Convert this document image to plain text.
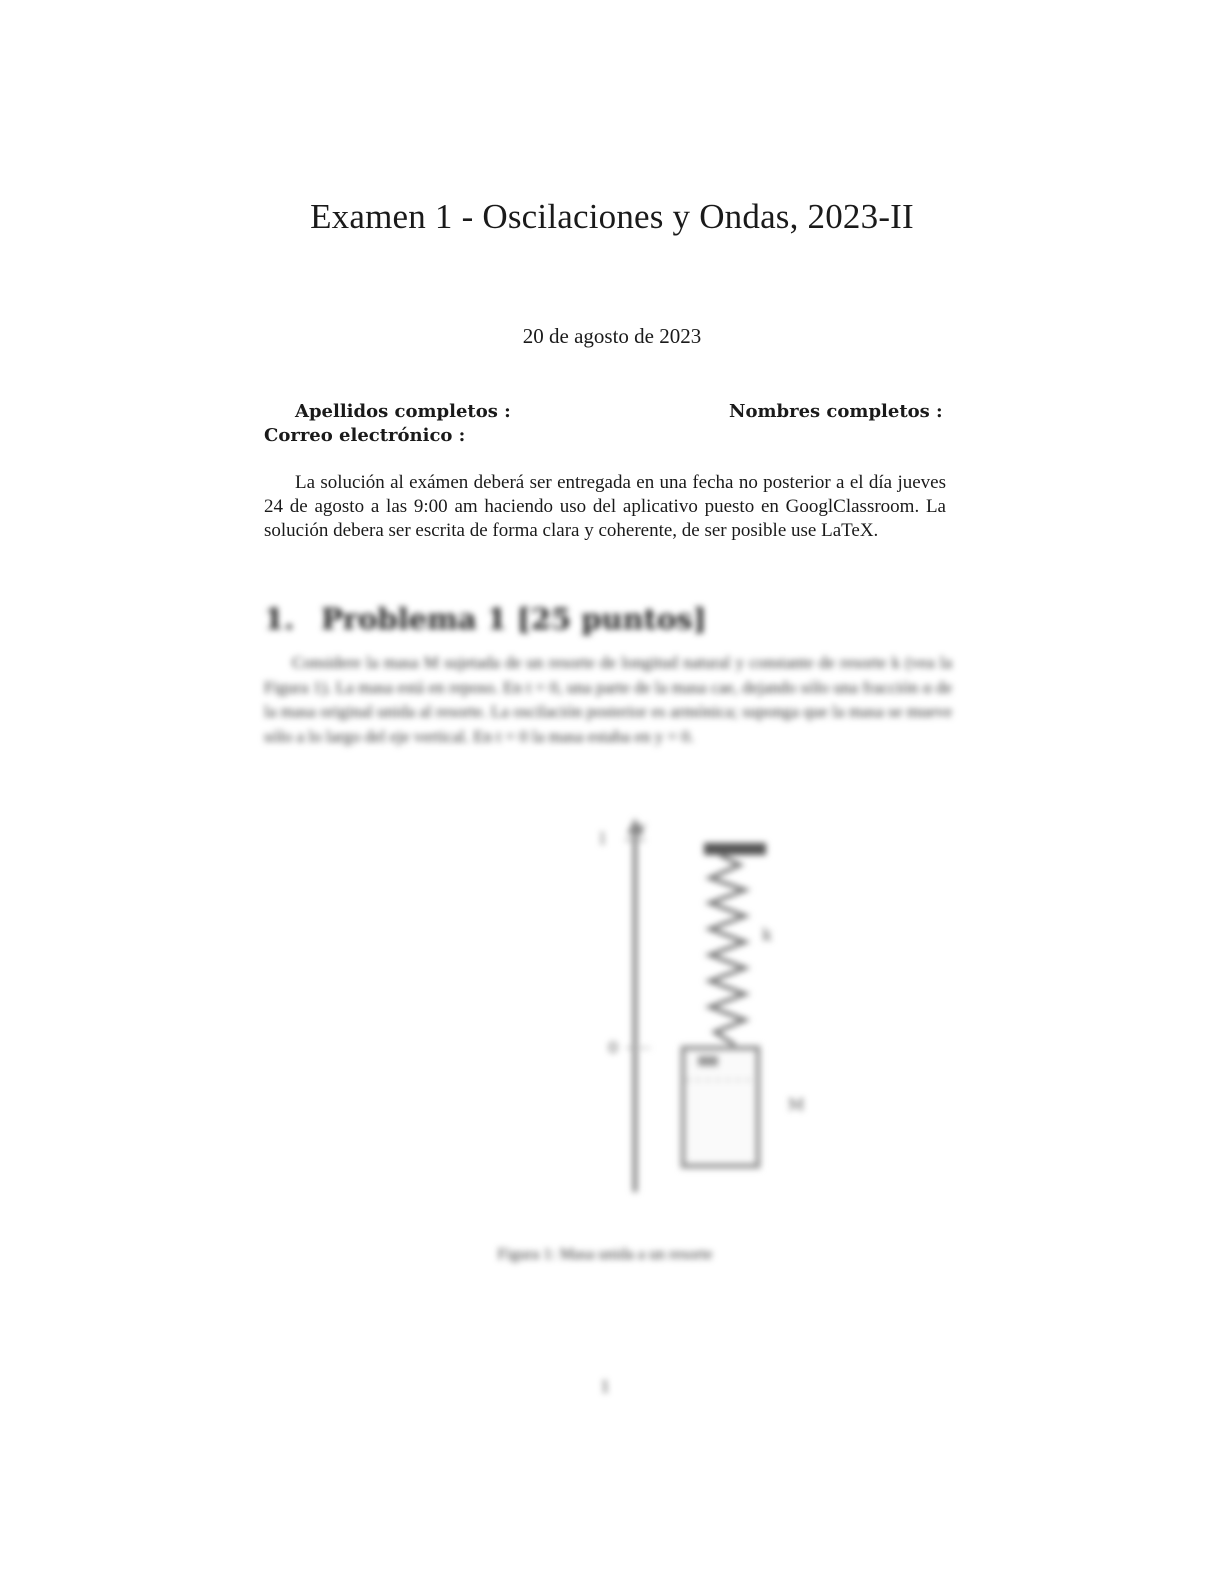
Examen 1 - Oscilaciones y Ondas, 2023-II
20 de agosto de 2023
Apellidos completos :	Nombres completos :
Correo electrónico :

La solución al exámen deberá ser entregada en una fecha no posterior a el día jueves 24 de agosto a las 9:00 am haciendo uso del aplicativo puesto en GooglClassroom. La solución debera ser escrita de forma clara y coherente, de ser posible use LaTeX.

1. Problema 1 [25 puntos]

Considere la masa M sujetada de un resorte de longitud natural y constante de resorte k (vea la Figura 1). La masa está en reposo. En t = 0, una parte de la masa cae, dejando sólo una fracción α de la masa original unida al resorte. La oscilación posterior es armónica; suponga que la masa se mueve sólo a lo largo del eje vertical. En t = 0 la masa estaba en y = 0.

y
l
0
k
M
Figura 1: Masa unida a un resorte
1
